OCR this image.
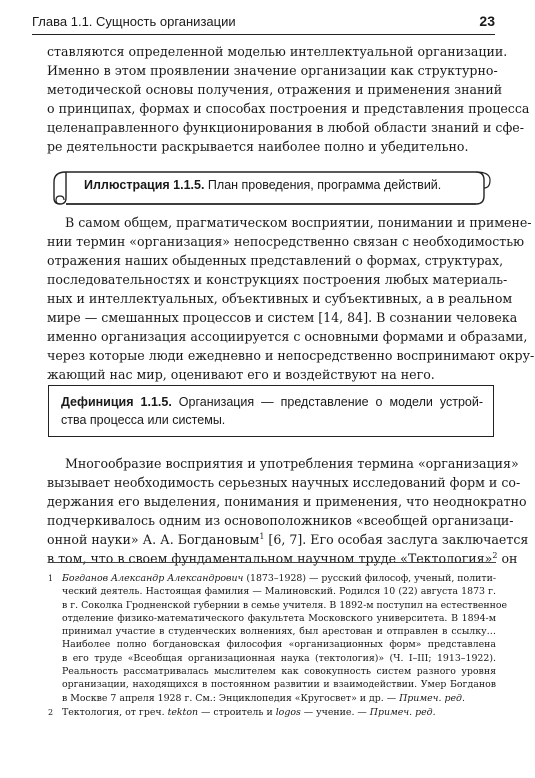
Глава 1.1. Сущность организации	23
ставляются определенной моделью интеллектуальной организации.
Именно в этом проявлении значение организации как структурно-
методической основы получения, отражения и применения знаний
о принципах, формах и способах построения и представления процесса
целенаправленного функционирования в любой области знаний и сфе-
ре деятельности раскрывается наиболее полно и убедительно.
Иллюстрация 1.1.5. План проведения, программа действий.
В самом общем, прагматическом восприятии, понимании и примене-
нии термин «организация» непосредственно связан с необходимостью
отражения наших обыденных представлений о формах, структурах,
последовательностях и конструкциях построения любых материаль-
ных и интеллектуальных, объективных и субъективных, а в реальном
мире — смешанных процессов и систем [14, 84]. В сознании человека
именно организация ассоциируется с основными формами и образами,
через которые люди ежедневно и непосредственно воспринимают окру-
жающий нас мир, оценивают его и воздействуют на него.
Дефиниция 1.1.5. Организация — представление о модели устрой-
ства процесса или системы.
Многообразие восприятия и употребления термина «организация»
вызывает необходимость серьезных научных исследований форм и со-
держания его выделения, понимания и применения, что неоднократно
подчеркивалось одним из основоположников «всеобщей организаци-
онной науки» А. А. Богдановым$^1$ [6, 7]. Его особая заслуга заключается
в том, что в своем фундаментальном научном труде «Тектология»$^2$ он
1 Богданов Александр Александрович (1873–1928) — русский философ, ученый, полити-
ческий деятель. Настоящая фамилия — Малиновский. Родился 10 (22) августа 1873 г.
в г. Соколка Гродненской губернии в семье учителя. В 1892-м поступил на естественное
отделение физико-математического факультета Московского университета. В 1894-м
принимал участие в студенческих волнениях, был арестован и отправлен в ссылку…
Наиболее полно богдановская философия «организационных форм» представлена
в его труде «Всеобщая организационная наука (тектология)» (Ч. I–III; 1913–1922).
Реальность рассматривалась мыслителем как совокупность систем разного уровня
организации, находящихся в постоянном развитии и взаимодействии. Умер Богданов
в Москве 7 апреля 1928 г. См.: Энциклопедия «Кругосвет» и др. — Примеч. ред.
2 Тектология, от греч. tekton — строитель и logos — учение. — Примеч. ред.
